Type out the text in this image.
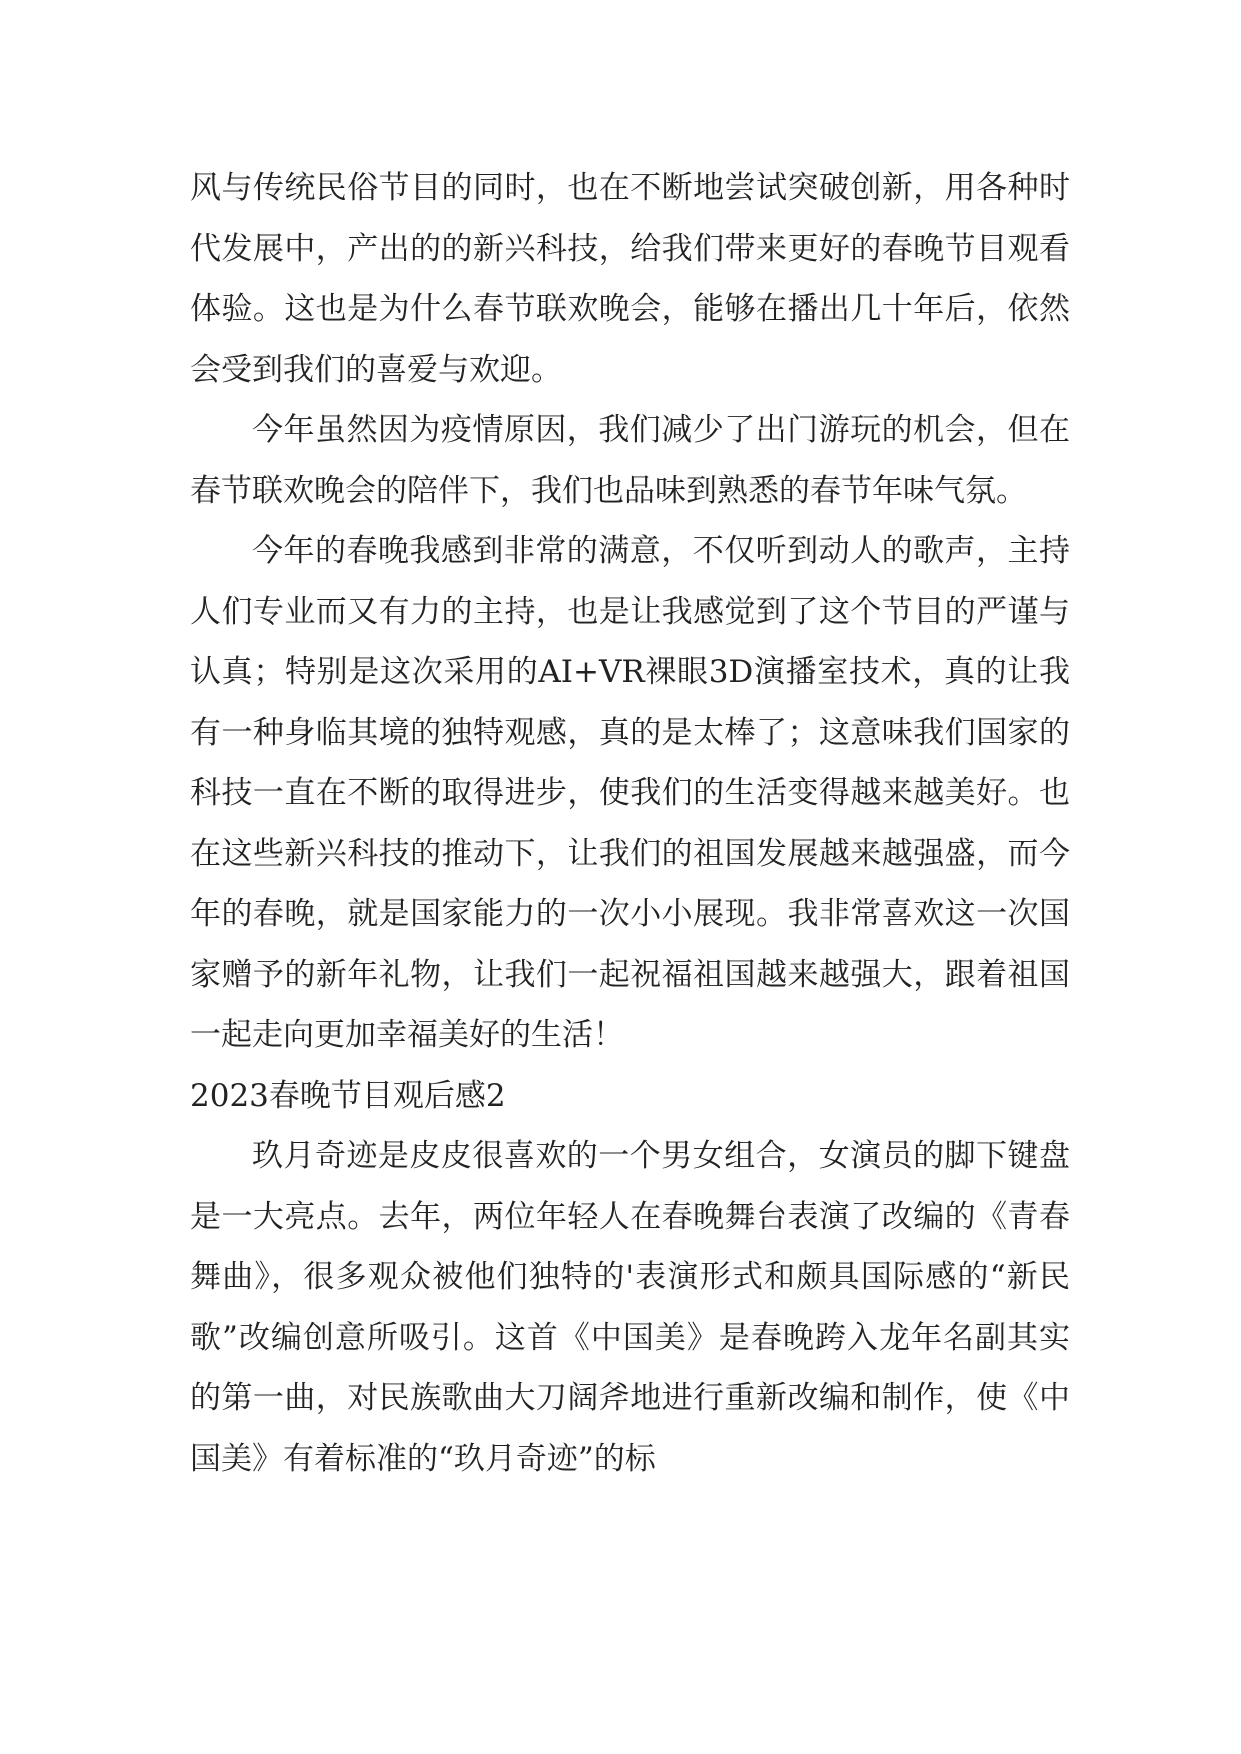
风与传统民俗节目的同时，也在不断地尝试突破创新，用各种时代发展中，产出的的新兴科技，给我们带来更好的春晚节目观看体验。这也是为什么春节联欢晚会，能够在播出几十年后，依然会受到我们的喜爱与欢迎。

今年虽然因为疫情原因，我们减少了出门游玩的机会，但在春节联欢晚会的陪伴下，我们也品味到熟悉的春节年味气氛。

今年的春晚我感到非常的满意，不仅听到动人的歌声，主持人们专业而又有力的主持，也是让我感觉到了这个节目的严谨与认真；特别是这次采用的AI+VR裸眼3D演播室技术，真的让我有一种身临其境的独特观感，真的是太棒了；这意味我们国家的科技一直在不断的取得进步，使我们的生活变得越来越美好。也在这些新兴科技的推动下，让我们的祖国发展越来越强盛，而今年的春晚，就是国家能力的一次小小展现。我非常喜欢这一次国家赠予的新年礼物，让我们一起祝福祖国越来越强大，跟着祖国一起走向更加幸福美好的生活！

2023春晚节目观后感2

玖月奇迹是皮皮很喜欢的一个男女组合，女演员的脚下键盘是一大亮点。去年，两位年轻人在春晚舞台表演了改编的《青春舞曲》，很多观众被他们独特的'表演形式和颇具国际感的“新民歌”改编创意所吸引。这首《中国美》是春晚跨入龙年名副其实的第一曲，对民族歌曲大刀阔斧地进行重新改编和制作，使《中国美》有着标准的“玖月奇迹”的标
